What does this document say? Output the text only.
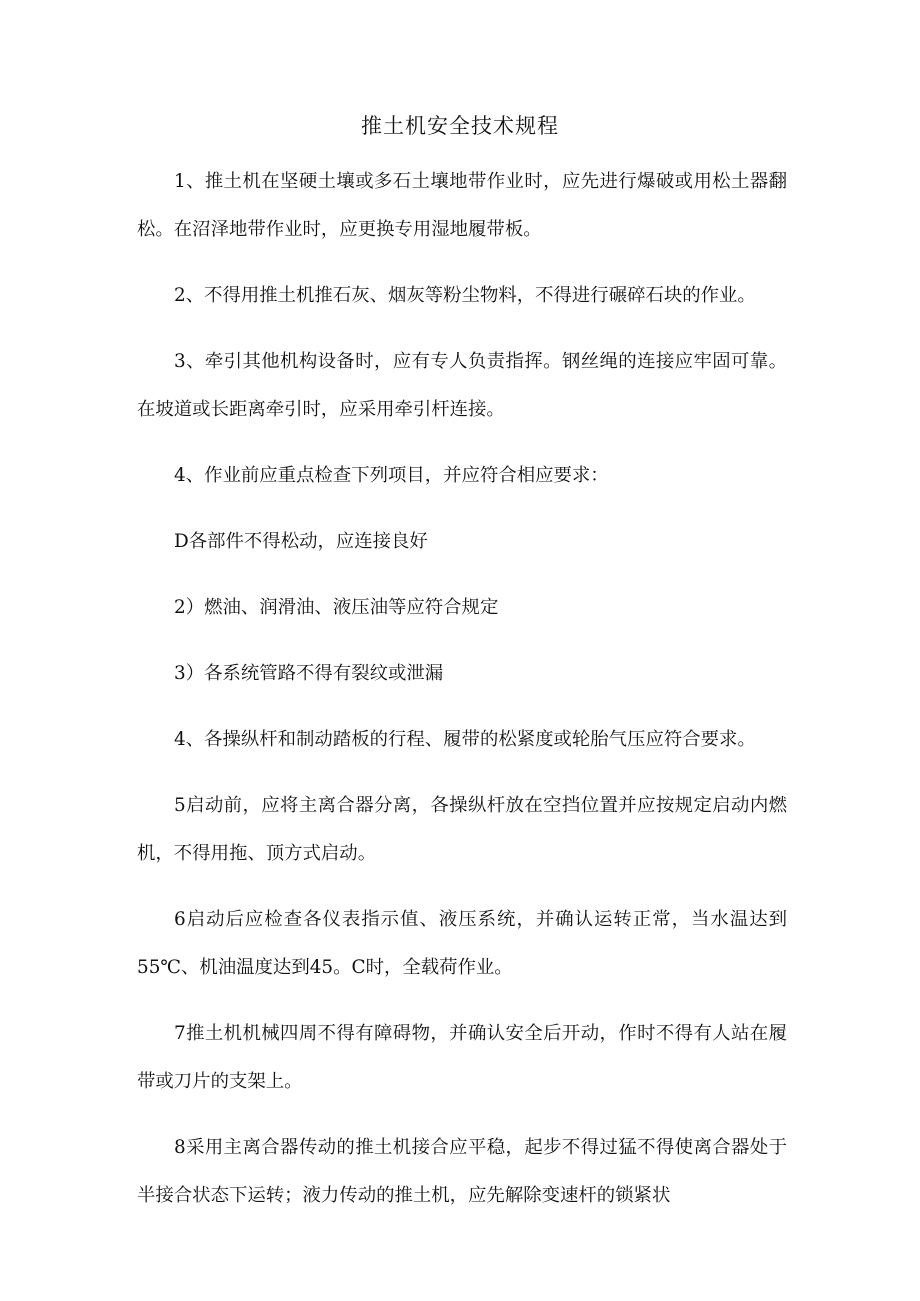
推土机安全技术规程

1、推土机在坚硬土壤或多石土壤地带作业时，应先进行爆破或用松土器翻松。在沼泽地带作业时，应更换专用湿地履带板。

2、不得用推土机推石灰、烟灰等粉尘物料，不得进行碾碎石块的作业。

3、牵引其他机构设备时，应有专人负责指挥。钢丝绳的连接应牢固可靠。在坡道或长距离牵引时，应采用牵引杆连接。

4、作业前应重点检查下列项目，并应符合相应要求：

D各部件不得松动，应连接良好

2）燃油、润滑油、液压油等应符合规定

3）各系统管路不得有裂纹或泄漏

4、各操纵杆和制动踏板的行程、履带的松紧度或轮胎气压应符合要求。

5启动前，应将主离合器分离，各操纵杆放在空挡位置并应按规定启动内燃机，不得用拖、顶方式启动。

6启动后应检查各仪表指示值、液压系统，并确认运转正常，当水温达到55℃、机油温度达到45。C时，全载荷作业。

7推土机机械四周不得有障碍物，并确认安全后开动，作时不得有人站在履带或刀片的支架上。

8采用主离合器传动的推土机接合应平稳，起步不得过猛不得使离合器处于半接合状态下运转；液力传动的推土机，应先解除变速杆的锁紧状
